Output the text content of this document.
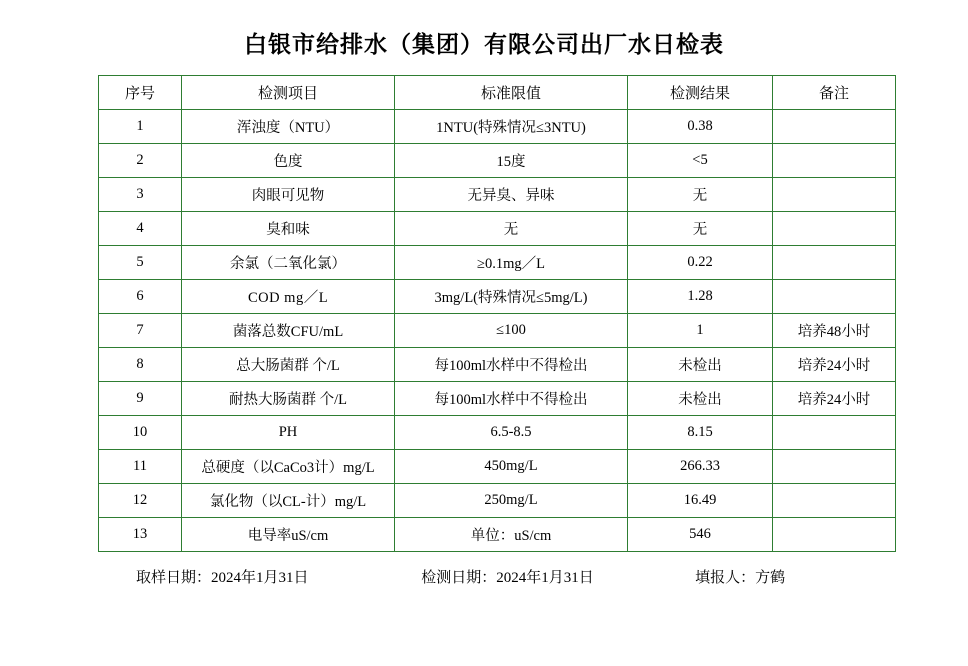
白银市给排水（集团）有限公司出厂水日检表
序号	检测项目	标准限值	检测结果	备注
1	浑浊度（NTU）	1NTU(特殊情况≤3NTU)	0.38	
2	色度	15度	<5	
3	肉眼可见物	无异臭、异味	无	
4	臭和味	无	无	
5	余氯（二氧化氯）	≥0.1mg／L	0.22	
6	COD mg／L	3mg/L(特殊情况≤5mg/L)	1.28	
7	菌落总数CFU/mL	≤100	1	培养48小时
8	总大肠菌群 个/L	每100ml水样中不得检出	未检出	培养24小时
9	耐热大肠菌群 个/L	每100ml水样中不得检出	未检出	培养24小时
10	PH	6.5-8.5	8.15	
11	总硬度（以CaCo3计）mg/L	450mg/L	266.33	
12	氯化物（以CL-计）mg/L	250mg/L	16.49	
13	电导率uS/cm	单位：uS/cm	546	
取样日期：2024年1月31日	检测日期：2024年1月31日	填报人：方鹤
